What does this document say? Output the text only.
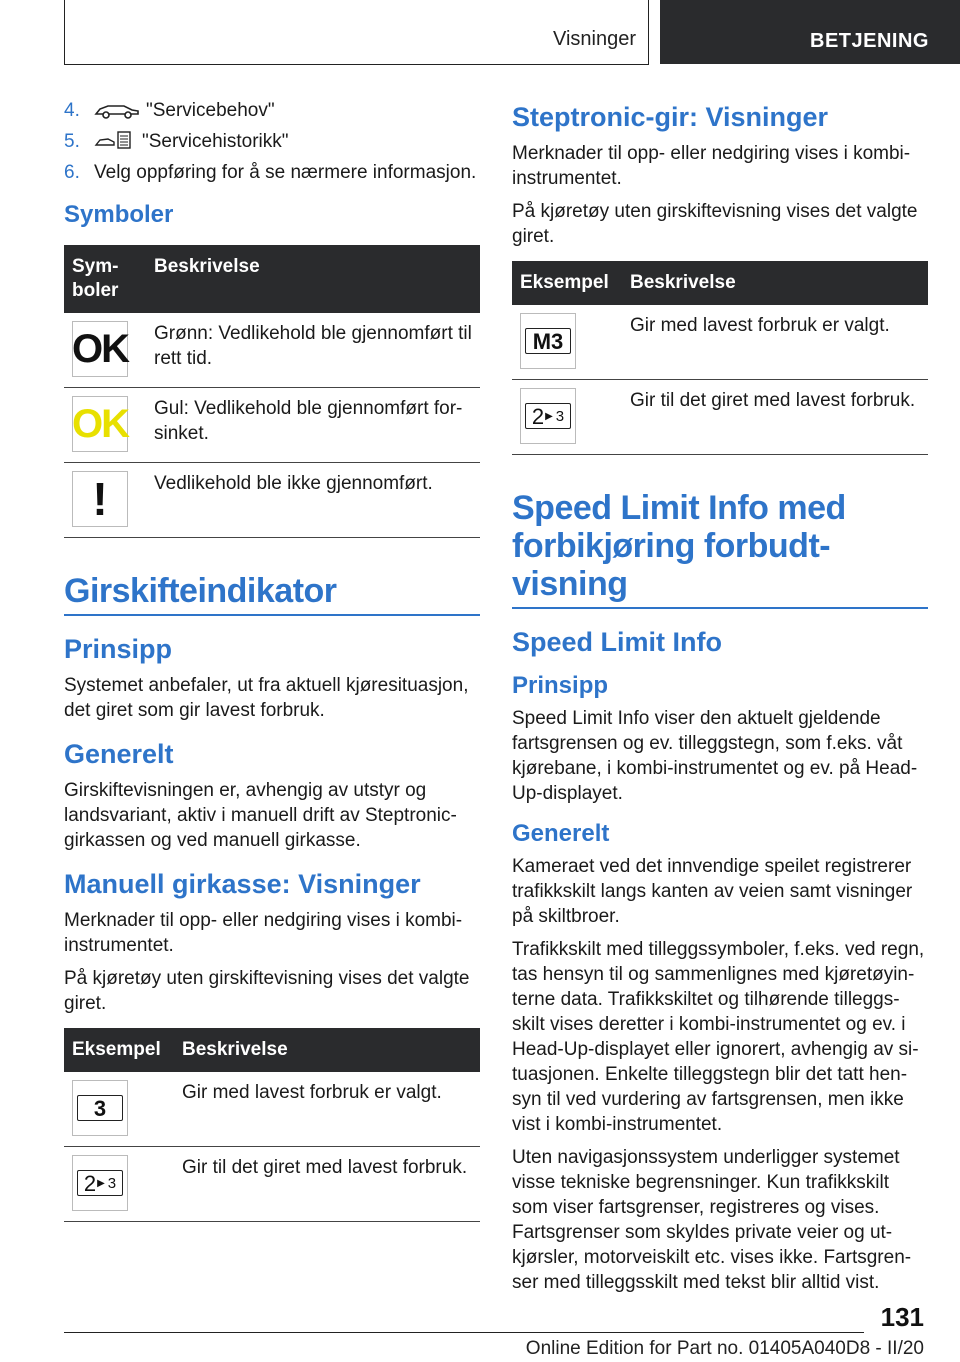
Visninger	BETJENING
4.	"Servicebehov"
5.	"Servicehistorikk"
6. Velg oppføring for å se nærmere informasjon.
Symboler
Sym-
boler	Beskrivelse

OK	Grønn: Vedlikehold ble gjennomført til rett tid.

OK	Gul: Vedlikehold ble gjennomført for-sinket.

!	Vedlikehold ble ikke gjennomført.
Girskifteindikator
Prinsipp

Systemet anbefaler, ut fra aktuell kjøresituasjon, det giret som gir lavest forbruk.

Generelt

Girskiftevisningen er, avhengig av utstyr og landsvariant, aktiv i manuell drift av Steptronic-girkassen og ved manuell girkasse.

Manuell girkasse: Visninger

Merknader til opp- eller nedgiring vises i kombi-instrumentet.

På kjøretøy uten girskiftevisning vises det valgte giret.

Eksempel	Beskrivelse

3	Gir med lavest forbruk er valgt.

2 ▶ 3	Gir til det giret med lavest forbruk.
Steptronic-gir: Visninger

Merknader til opp- eller nedgiring vises i kombi-instrumentet.

På kjøretøy uten girskiftevisning vises det valgte giret.

Eksempel	Beskrivelse

M3	Gir med lavest forbruk er valgt.

2 ▶ 3	Gir til det giret med lavest forbruk.
Speed Limit Info med forbikjøring forbudt-visning
Speed Limit Info
Prinsipp

Speed Limit Info viser den aktuelt gjeldende fartsgrensen og ev. tilleggstegn, som f.eks. våt kjørebane, i kombi-instrumentet og ev. på Head-Up-displayet.

Generelt

Kameraet ved det innvendige speilet registrerer trafikkskilt langs kanten av veien samt visninger på skiltbroer.

Trafikkskilt med tilleggssymboler, f.eks. ved regn, tas hensyn til og sammenlignes med kjøretøyin-terne data. Trafikkskiltet og tilhørende tilleggs-skilt vises deretter i kombi-instrumentet og ev. i Head-Up-displayet eller ignorert, avhengig av si-tuasjonen. Enkelte tilleggstegn blir det tatt hen-syn til ved vurdering av fartsgrensen, men ikke vist i kombi-instrumentet.

Uten navigasjonssystem underligger systemet visse tekniske begrensninger. Kun trafikkskilt som viser fartsgrenser, registreres og vises. Fartsgrenser som skyldes private veier og ut-kjørsler, motorveiskilt etc. vises ikke. Fartsgren-ser med tilleggsskilt med tekst blir alltid vist.

131
Online Edition for Part no. 01405A040D8 - II/20
